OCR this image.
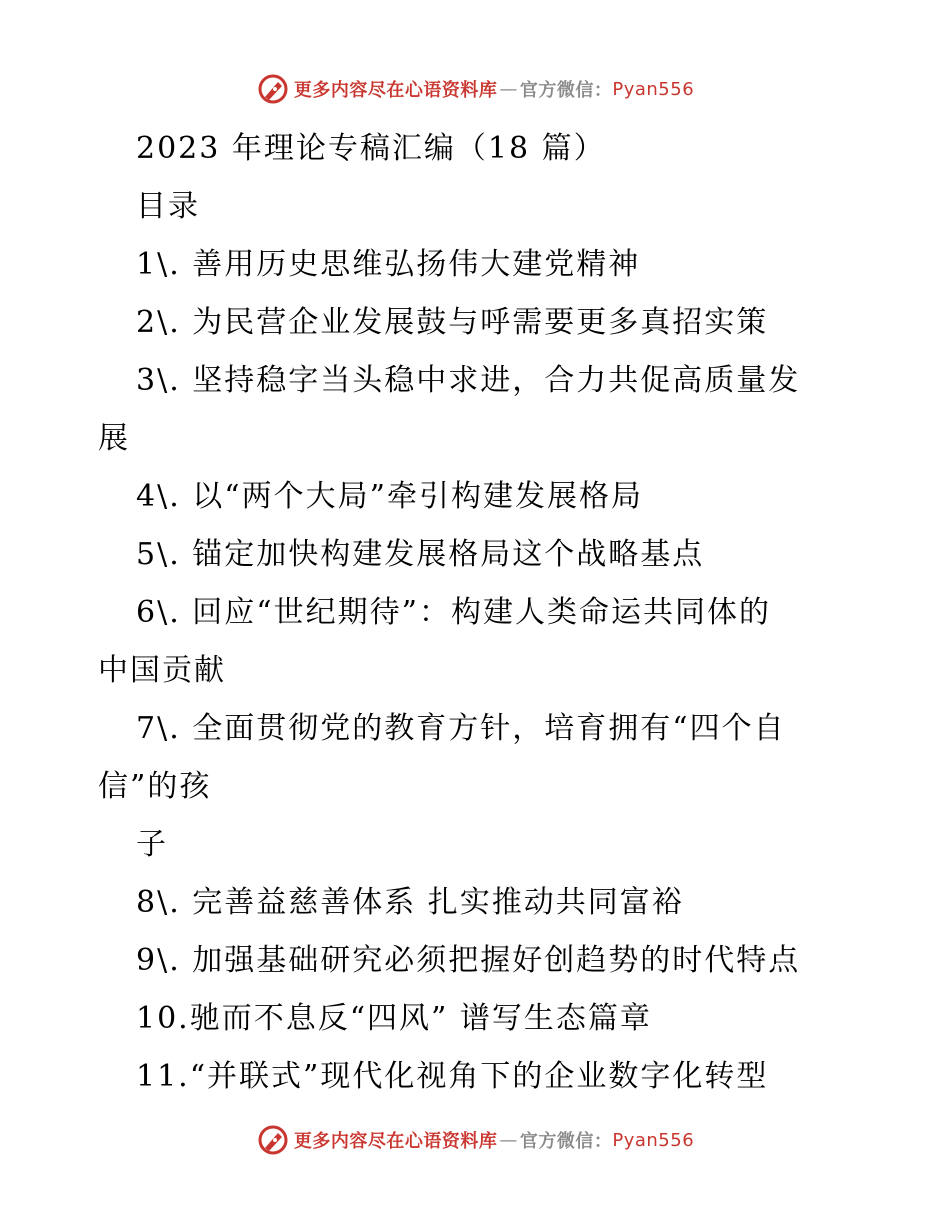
更多内容尽在心语资料库 — 官方微信： Pyan556
2023 年理论专稿汇编（18 篇）
目录
1\. 善用历史思维弘扬伟大建党精神
2\. 为民营企业发展鼓与呼需要更多真招实策
3\. 坚持稳字当头稳中求进，合力共促高质量发
展
4\. 以“两个大局”牵引构建发展格局
5\. 锚定加快构建发展格局这个战略基点
6\. 回应“世纪期待”：构建人类命运共同体的
中国贡献
7\. 全面贯彻党的教育方针，培育拥有“四个自
信”的孩
子
8\. 完善益慈善体系 扎实推动共同富裕
9\. 加强基础研究必须把握好创趋势的时代特点
10.驰而不息反“四风” 谱写生态篇章
11.“并联式”现代化视角下的企业数字化转型
更多内容尽在心语资料库 — 官方微信： Pyan556
